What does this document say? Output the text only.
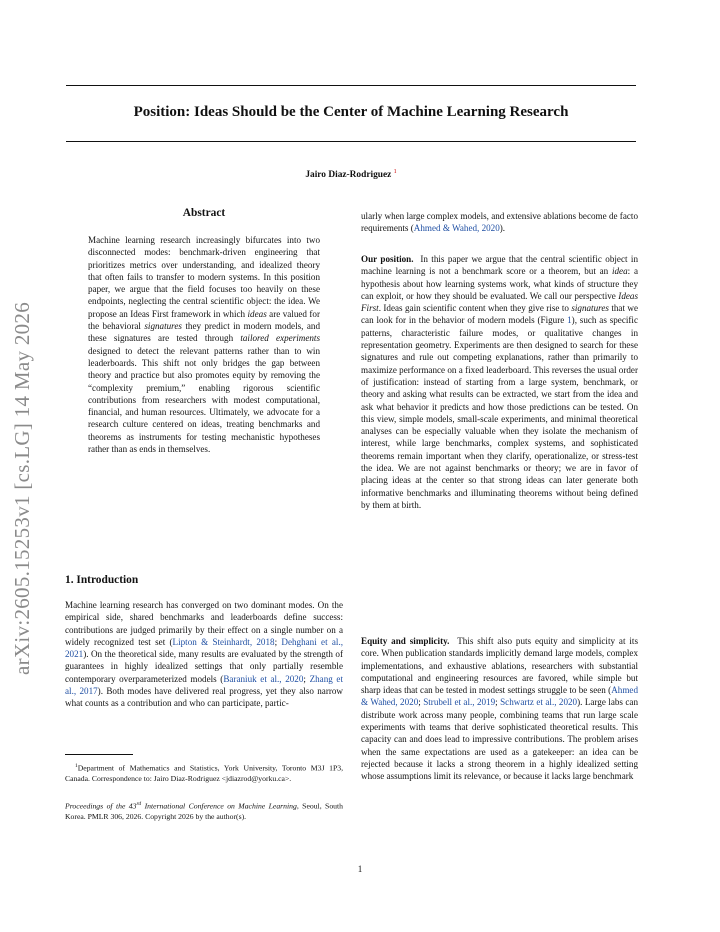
Position: Ideas Should be the Center of Machine Learning Research
Jairo Diaz-Rodriguez $^1$
arXiv:2605.15253v1 [cs.LG] 14 May 2026
Abstract
Machine learning research increasingly bifurcates into two disconnected modes: benchmark-driven engineering that prioritizes metrics over understanding, and idealized theory that often fails to transfer to modern systems. In this position paper, we argue that the field focuses too heavily on these endpoints, neglecting the central scientific object: the idea. We propose an Ideas First framework in which ideas are valued for the behavioral signatures they predict in modern models, and these signatures are tested through tailored experiments designed to detect the relevant patterns rather than to win leaderboards. This shift not only bridges the gap between theory and practice but also promotes equity by removing the “complexity premium,” enabling rigorous scientific contributions from researchers with modest computational, financial, and human resources. Ultimately, we advocate for a research culture centered on ideas, treating benchmarks and theorems as instruments for testing mechanistic hypotheses rather than as ends in themselves.
1. Introduction
Machine learning research has converged on two dominant modes. On the empirical side, shared benchmarks and leaderboards define success: contributions are judged primarily by their effect on a single number on a widely recognized test set (Lipton & Steinhardt, 2018; Dehghani et al., 2021). On the theoretical side, many results are evaluated by the strength of guarantees in highly idealized settings that only partially resemble contemporary overparameterized models (Baraniuk et al., 2020; Zhang et al., 2017). Both modes have delivered real progress, yet they also narrow what counts as a contribution and who can participate, partic-
$^1$Department of Mathematics and Statistics, York University, Toronto M3J 1P3, Canada. Correspondence to: Jairo Diaz-Rodriguez <jdiazrod@yorku.ca>.
Proceedings of the 43rd International Conference on Machine Learning, Seoul, South Korea. PMLR 306, 2026. Copyright 2026 by the author(s).
ularly when large complex models, and extensive ablations become de facto requirements (Ahmed & Wahed, 2020).
Our position. In this paper we argue that the central scientific object in machine learning is not a benchmark score or a theorem, but an idea: a hypothesis about how learning systems work, what kinds of structure they can exploit, or how they should be evaluated. We call our perspective Ideas First. Ideas gain scientific content when they give rise to signatures that we can look for in the behavior of modern models (Figure 1), such as specific patterns, characteristic failure modes, or qualitative changes in representation geometry. Experiments are then designed to search for these signatures and rule out competing explanations, rather than primarily to maximize performance on a fixed leaderboard. This reverses the usual order of justification: instead of starting from a large system, benchmark, or theory and asking what results can be extracted, we start from the idea and ask what behavior it predicts and how those predictions can be tested. On this view, simple models, small-scale experiments, and minimal theoretical analyses can be especially valuable when they isolate the mechanism of interest, while large benchmarks, complex systems, and sophisticated theorems remain important when they clarify, operationalize, or stress-test the idea. We are not against benchmarks or theory; we are in favor of placing ideas at the center so that strong ideas can later generate both informative benchmarks and illuminating theorems without being defined by them at birth.
Equity and simplicity. This shift also puts equity and simplicity at its core. When publication standards implicitly demand large models, complex implementations, and exhaustive ablations, researchers with substantial computational and engineering resources are favored, while simple but sharp ideas that can be tested in modest settings struggle to be seen (Ahmed & Wahed, 2020; Strubell et al., 2019; Schwartz et al., 2020). Large labs can distribute work across many people, combining teams that run large scale experiments with teams that derive sophisticated theoretical results. This capacity can and does lead to impressive contributions. The problem arises when the same expectations are used as a gatekeeper: an idea can be rejected because it lacks a strong theorem in a highly idealized setting whose assumptions limit its relevance, or because it lacks large benchmark
1
